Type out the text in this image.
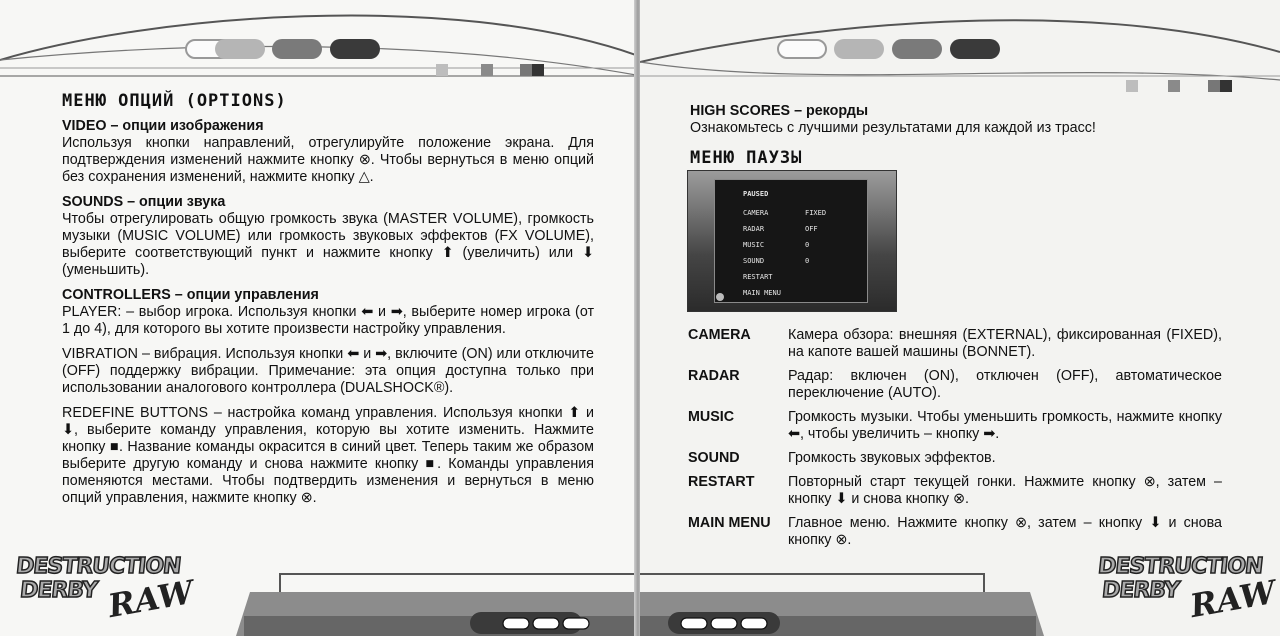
МЕНЮ ОПЦИЙ (OPTIONS)
VIDEO – опции изображения

Используя кнопки направлений, отрегулируйте положение экрана. Для подтверждения изменений нажмите кнопку ⊗. Чтобы вернуться в меню опций без сохранения изменений, нажмите кнопку △.

SOUNDS – опции звука

Чтобы отрегулировать общую громкость звука (MASTER VOLUME), громкость музыки (MUSIC VOLUME) или громкость звуковых эффектов (FX VOLUME), выберите соответствующий пункт и нажмите кнопку ⬆ (увеличить) или ⬇ (уменьшить).

CONTROLLERS – опции управления

PLAYER: – выбор игрока. Используя кнопки ⬅ и ➡, выберите номер игрока (от 1 до 4), для которого вы хотите произвести настройку управления.

VIBRATION – вибрация. Используя кнопки ⬅ и ➡, включите (ON) или отключите (OFF) поддержку вибрации. Примечание: эта опция доступна только при использовании аналогового контроллера (DUALSHOCK®).

REDEFINE BUTTONS – настройка команд управления. Используя кнопки ⬆ и ⬇, выберите команду управления, которую вы хотите изменить. Нажмите кнопку ■. Название команды окрасится в синий цвет. Теперь таким же образом выберите другую команду и снова нажмите кнопку ■. Команды управления поменяются местами. Чтобы подтвердить изменения и вернуться в меню опций управления, нажмите кнопку ⊗.

DESTRUCTION
DERBY RAW
DESTRUCTION
DERBY RAW
HIGH SCORES – рекорды

Ознакомьтесь с лучшими результатами для каждой из трасс!

МЕНЮ ПАУЗЫ
PAUSED
CAMERA	FIXED
RADAR	OFF
MUSIC	0
SOUND	0
RESTART
MAIN MENU
CAMERA	Камера обзора: внешняя (EXTERNAL), фиксированная (FIXED), на капоте вашей машины (BONNET).
RADAR	Радар: включен (ON), отключен (OFF), автоматическое переключение (AUTO).
MUSIC	Громкость музыки. Чтобы уменьшить громкость, нажмите кнопку ⬅, чтобы увеличить – кнопку ➡.
SOUND	Громкость звуковых эффектов.
RESTART	Повторный старт текущей гонки. Нажмите кнопку ⊗, затем – кнопку ⬇ и снова кнопку ⊗.
MAIN MENU	Главное меню. Нажмите кнопку ⊗, затем – кнопку ⬇ и снова кнопку ⊗.
